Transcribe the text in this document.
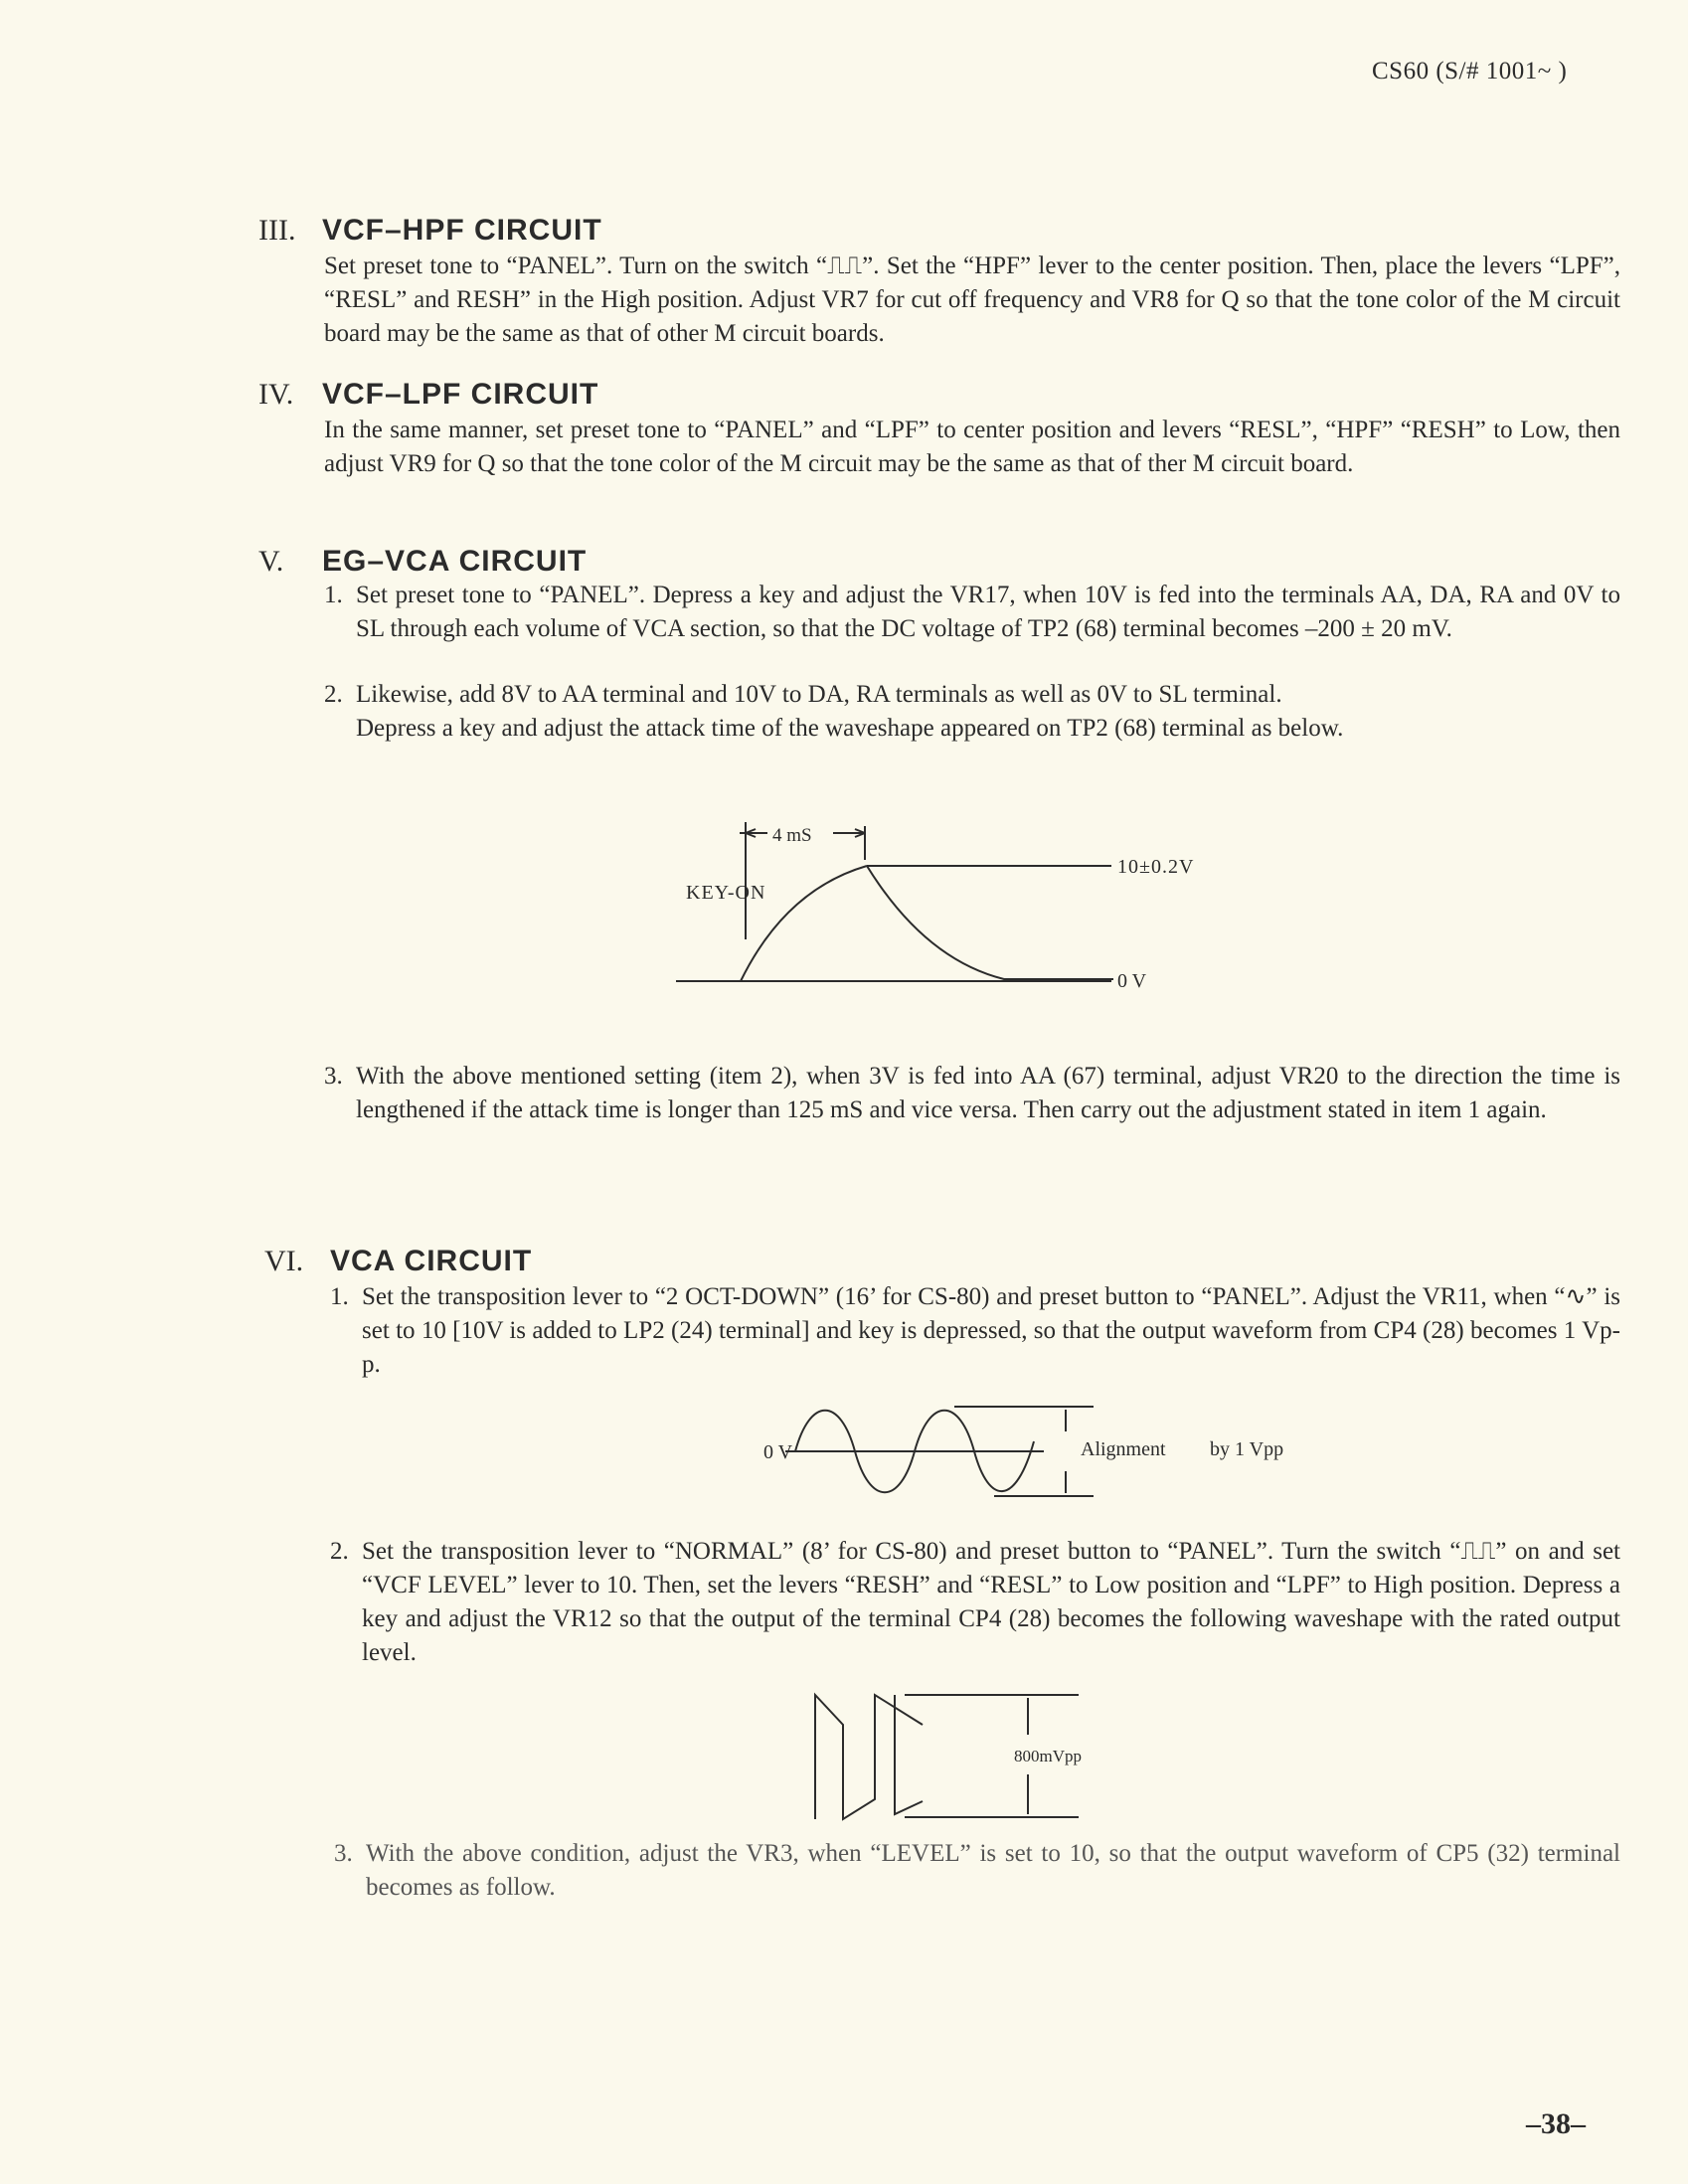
CS60 (S/# 1001~ )
III. VCF–HPF CIRCUIT
Set preset tone to “PANEL”. Turn on the switch “⎍⎍”. Set the “HPF” lever to the center position. Then, place the levers “LPF”, “RESL” and RESH” in the High position. Adjust VR7 for cut off frequency and VR8 for Q so that the tone color of the M circuit board may be the same as that of other M circuit boards.
IV. VCF–LPF CIRCUIT
In the same manner, set preset tone to “PANEL” and “LPF” to center position and levers “RESL”, “HPF” “RESH” to Low, then adjust VR9 for Q so that the tone color of the M circuit may be the same as that of ther M circuit board.
V. EG–VCA CIRCUIT
1. Set preset tone to “PANEL”. Depress a key and adjust the VR17, when 10V is fed into the terminals AA, DA, RA and 0V to SL through each volume of VCA section, so that the DC voltage of TP2 (68) terminal becomes –200 ± 20 mV.
2. Likewise, add 8V to AA terminal and 10V to DA, RA terminals as well as 0V to SL terminal.
Depress a key and adjust the attack time of the waveshape appeared on TP2 (68) terminal as below.
3. With the above mentioned setting (item 2), when 3V is fed into AA (67) terminal, adjust VR20 to the direction the time is lengthened if the attack time is longer than 125 mS and vice versa. Then carry out the adjustment stated in item 1 again.
4 mS
KEY-ON
10±0.2V
0 V
VI. VCA CIRCUIT
1. Set the transposition lever to “2 OCT-DOWN” (16’ for CS-80) and preset button to “PANEL”. Adjust the VR11, when “∿” is set to 10 [10V is added to LP2 (24) terminal] and key is depressed, so that the output waveform from CP4 (28) becomes 1 Vp-p.
2. Set the transposition lever to “NORMAL” (8’ for CS-80) and preset button to “PANEL”. Turn the switch “⎍⎍” on and set “VCF LEVEL” lever to 10. Then, set the levers “RESH” and “RESL” to Low position and “LPF” to High position. Depress a key and adjust the VR12 so that the output of the terminal CP4 (28) becomes the following waveshape with the rated output level.
3. With the above condition, adjust the VR3, when “LEVEL” is set to 10, so that the output waveform of CP5 (32) terminal becomes as follow.
0 V	Alignment by 1 Vpp
800mVpp
–38–
